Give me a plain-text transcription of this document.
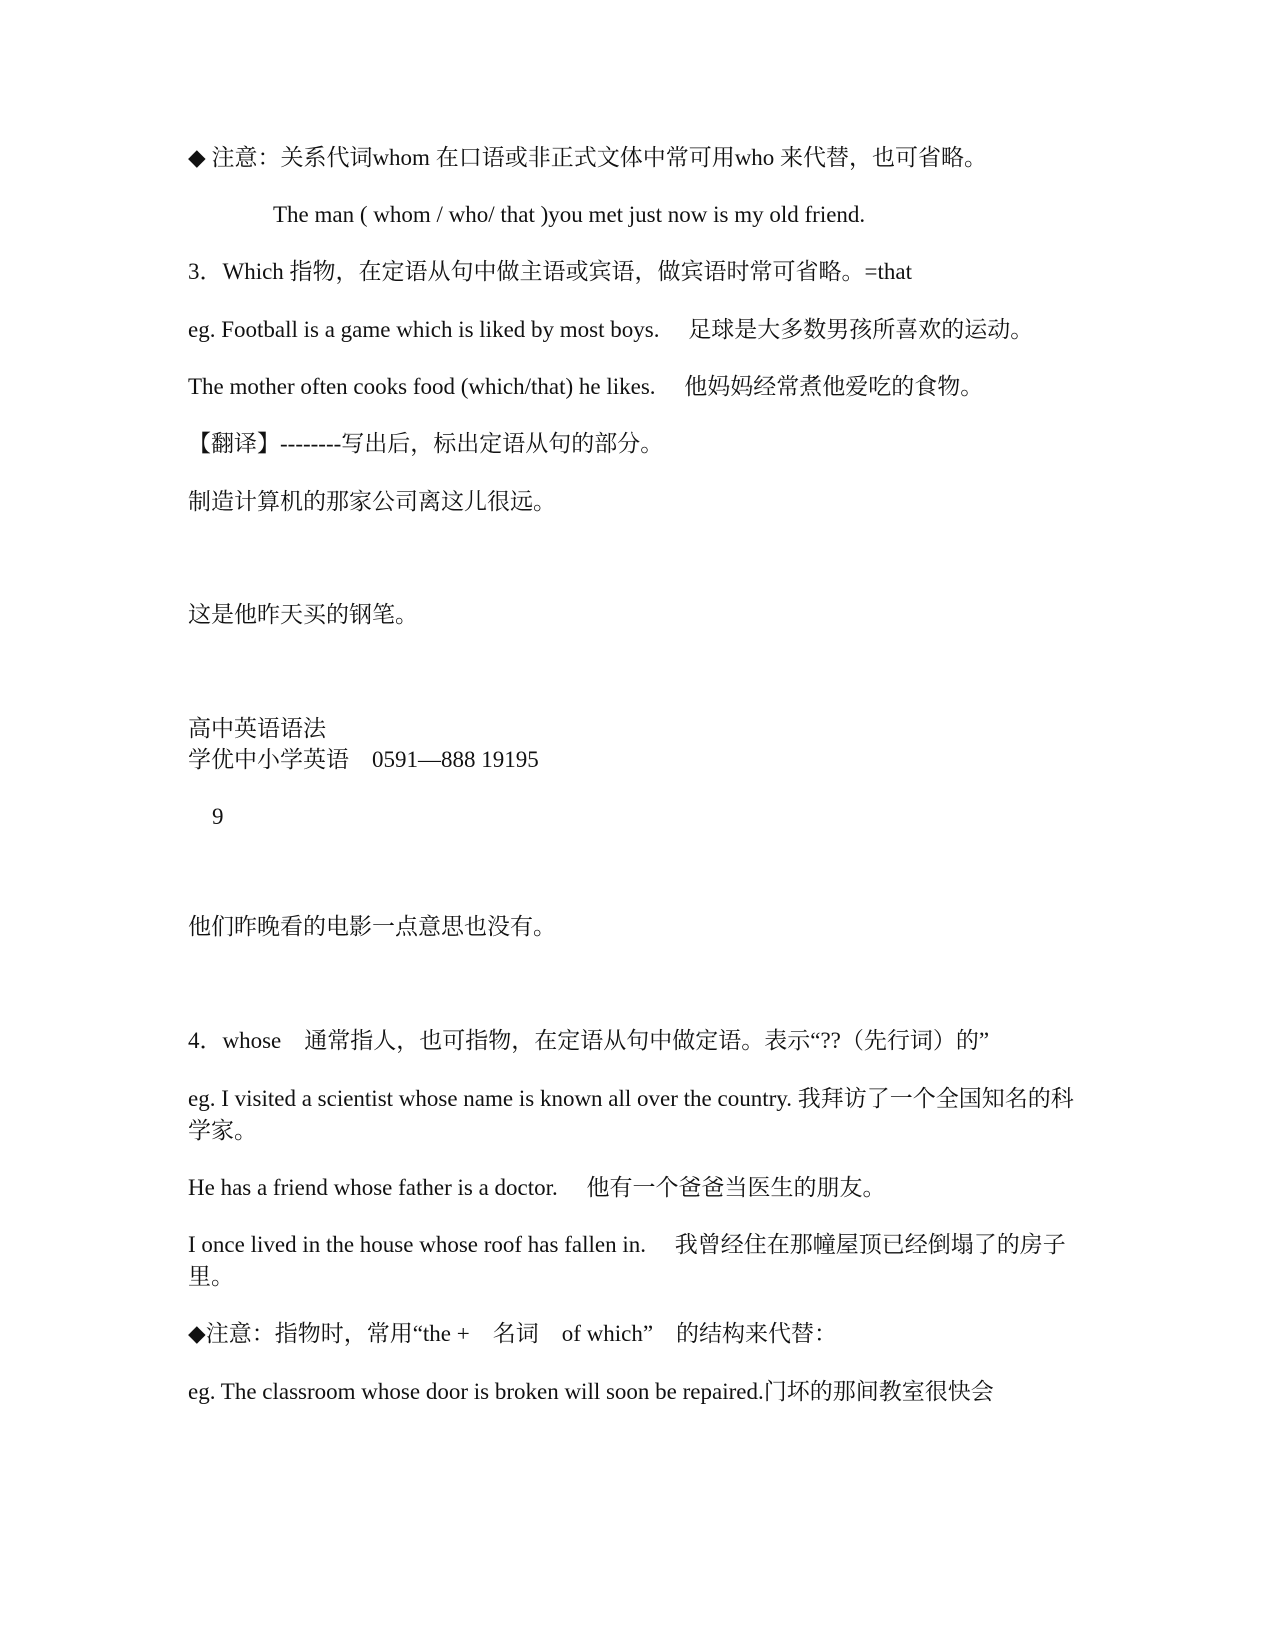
◆ 注意：关系代词whom 在口语或非正式文体中常可用who 来代替，也可省略。
The man ( whom / who/ that )you met just now is my old friend.
3．Which 指物，在定语从句中做主语或宾语，做宾语时常可省略。=that
eg. Football is a game which is liked by most boys.　 足球是大多数男孩所喜欢的运动。
The mother often cooks food (which/that) he likes.　 他妈妈经常煮他爱吃的食物。
【翻译】--------写出后，标出定语从句的部分。
制造计算机的那家公司离这儿很远。
这是他昨天买的钢笔。
高中英语语法
学优中小学英语　0591—888 19195
9
他们昨晚看的电影一点意思也没有。
4．whose　通常指人，也可指物，在定语从句中做定语。表示“??（先行词）的”
eg. I visited a scientist whose name is known all over the country. 我拜访了一个全国知名的科学家。
He has a friend whose father is a doctor.　 他有一个爸爸当医生的朋友。
I once lived in the house whose roof has fallen in.　 我曾经住在那幢屋顶已经倒塌了的房子里。
◆注意：指物时，常用“the +　名词　of which”　的结构来代替：
eg. The classroom whose door is broken will soon be repaired.门坏的那间教室很快会
